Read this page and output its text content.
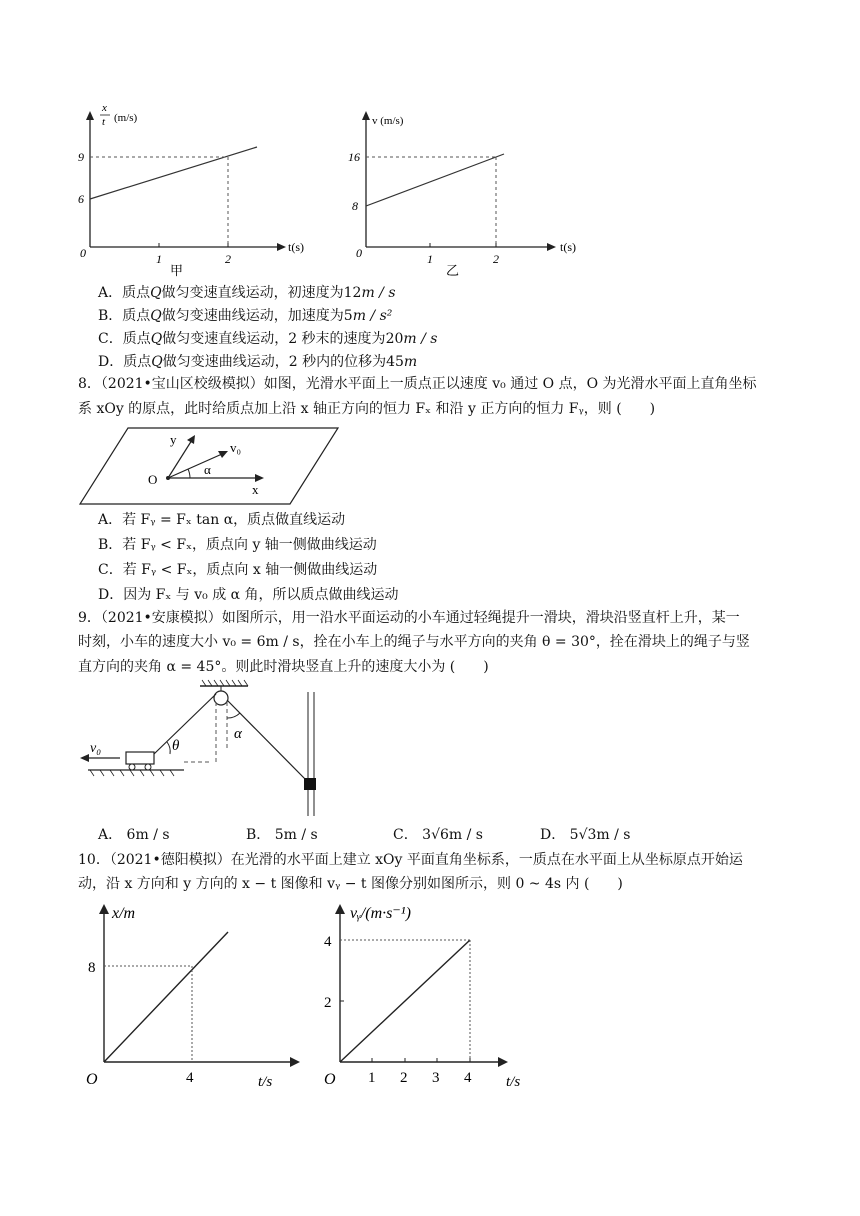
x
t (m/s)
9
6
0	1	2
t(s)
甲
v (m/s)
16
8
0	1	2
t(s)
乙
A．质点Q做匀变速直线运动，初速度为12m / s
B．质点Q做匀变速曲线运动，加速度为5m / s²
C．质点Q做匀变速直线运动，2 秒末的速度为20m / s
D．质点Q做匀变速曲线运动，2 秒内的位移为45m
8．（2021•宝山区校级模拟）如图，光滑水平面上一质点正以速度 v₀ 通过 O 点，O 为光滑水平面上直角坐标
系 xOy 的原点，此时给质点加上沿 x 轴正方向的恒力 Fₓ 和沿 y 正方向的恒力 Fᵧ，则 (　　)
y
v₀
α
O
x
A．若 Fᵧ = Fₓ tan α，质点做直线运动
B．若 Fᵧ < Fₓ，质点向 y 轴一侧做曲线运动
C．若 Fᵧ < Fₓ，质点向 x 轴一侧做曲线运动
D．因为 Fₓ 与 v₀ 成 α 角，所以质点做曲线运动
9．（2021•安康模拟）如图所示，用一沿水平面运动的小车通过轻绳提升一滑块，滑块沿竖直杆上升，某一
时刻，小车的速度大小 v₀ = 6m / s，拴在小车上的绳子与水平方向的夹角 θ = 30°，拴在滑块上的绳子与竖
直方向的夹角 α = 45°。则此时滑块竖直上升的速度大小为 (　　)
v₀	θ
α
A． 6m / s	B． 5m / s	C． 3√6m / s	D． 5√3m / s
10．（2021•德阳模拟）在光滑的水平面上建立 xOy 平面直角坐标系，一质点在水平面上从坐标原点开始运
动，沿 x 方向和 y 方向的 x − t 图像和 vᵧ − t 图像分别如图所示，则 0 ~ 4s 内 (　　)
x/m
8
4
O	t/s
vᵧ/(m·s⁻¹)
4
2
O 1 2 3 4 t/s
